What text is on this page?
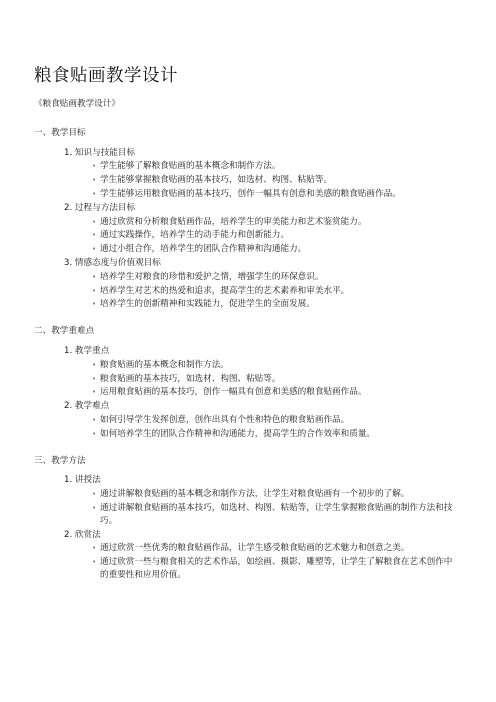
粮食贴画教学设计
《粮食贴画教学设计》
一、教学目标
1. 知识与技能目标
• 学生能够了解粮食贴画的基本概念和制作方法。
• 学生能够掌握粮食贴画的基本技巧，如选材、构图、粘贴等。
• 学生能够运用粮食贴画的基本技巧，创作一幅具有创意和美感的粮食贴画作品。
2. 过程与方法目标
• 通过欣赏和分析粮食贴画作品，培养学生的审美能力和艺术鉴赏能力。
• 通过实践操作，培养学生的动手能力和创新能力。
• 通过小组合作，培养学生的团队合作精神和沟通能力。
3. 情感态度与价值观目标
• 培养学生对粮食的珍惜和爱护之情，增强学生的环保意识。
• 培养学生对艺术的热爱和追求，提高学生的艺术素养和审美水平。
• 培养学生的创新精神和实践能力，促进学生的全面发展。
二、教学重难点
1. 教学重点
• 粮食贴画的基本概念和制作方法。
• 粮食贴画的基本技巧，如选材、构图、粘贴等。
• 运用粮食贴画的基本技巧，创作一幅具有创意和美感的粮食贴画作品。
2. 教学难点
• 如何引导学生发挥创意，创作出具有个性和特色的粮食贴画作品。
• 如何培养学生的团队合作精神和沟通能力，提高学生的合作效率和质量。
三、教学方法
1. 讲授法
• 通过讲解粮食贴画的基本概念和制作方法，让学生对粮食贴画有一个初步的了解。
• 通过讲解粮食贴画的基本技巧，如选材、构图、粘贴等，让学生掌握粮食贴画的制作方法和技巧。
2. 欣赏法
• 通过欣赏一些优秀的粮食贴画作品，让学生感受粮食贴画的艺术魅力和创意之美。
• 通过欣赏一些与粮食相关的艺术作品，如绘画、摄影、雕塑等，让学生了解粮食在艺术创作中的重要性和应用价值。
